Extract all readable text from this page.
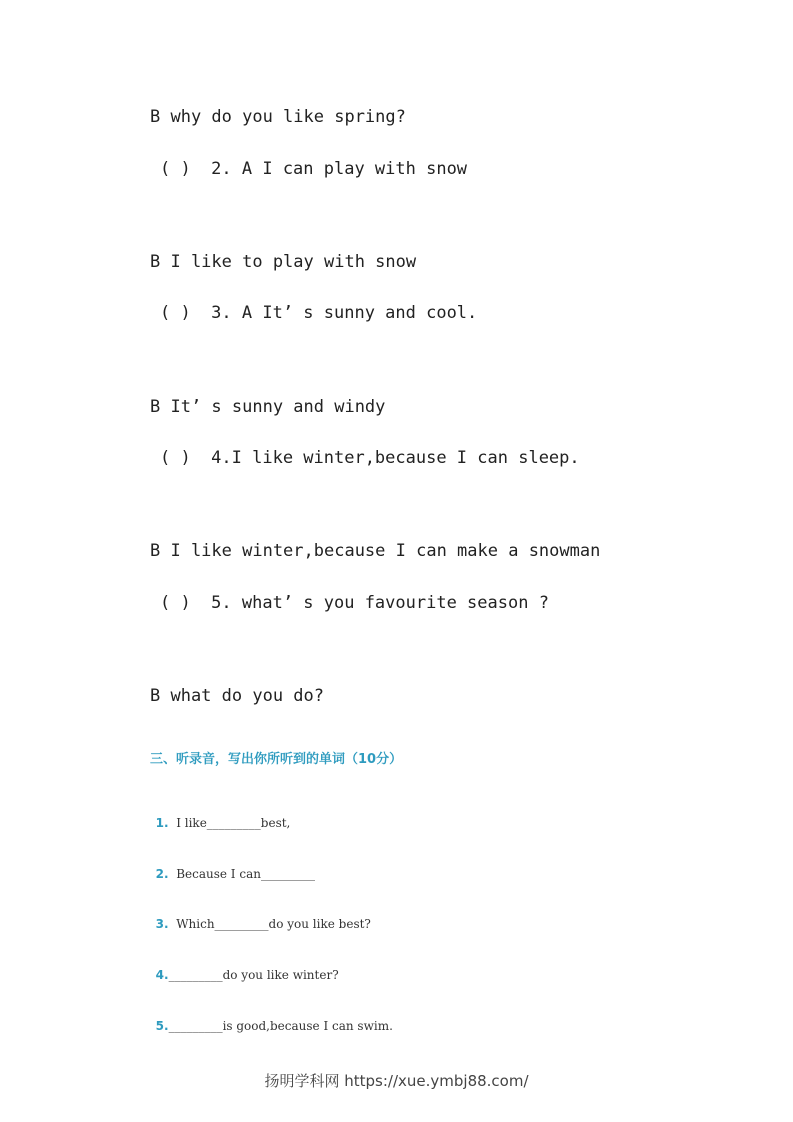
B why do you like spring?
( )  2. A I can play with snow
B I like to play with snow
( )  3. A It’ s sunny and cool.
B It’ s sunny and windy
( )  4.I like winter,because I can sleep.
B I like winter,because I can make a snowman
( )  5. what’ s you favourite season ?
B what do you do?
三、听录音，写出你所听到的单词（10分）

1.  I like_________best,

2.  Because I can_________

3.  Which_________do you like best?

4._________do you like winter?

5._________is good,because I can swim.

扬明学科网 https://xue.ymbj88.com/
